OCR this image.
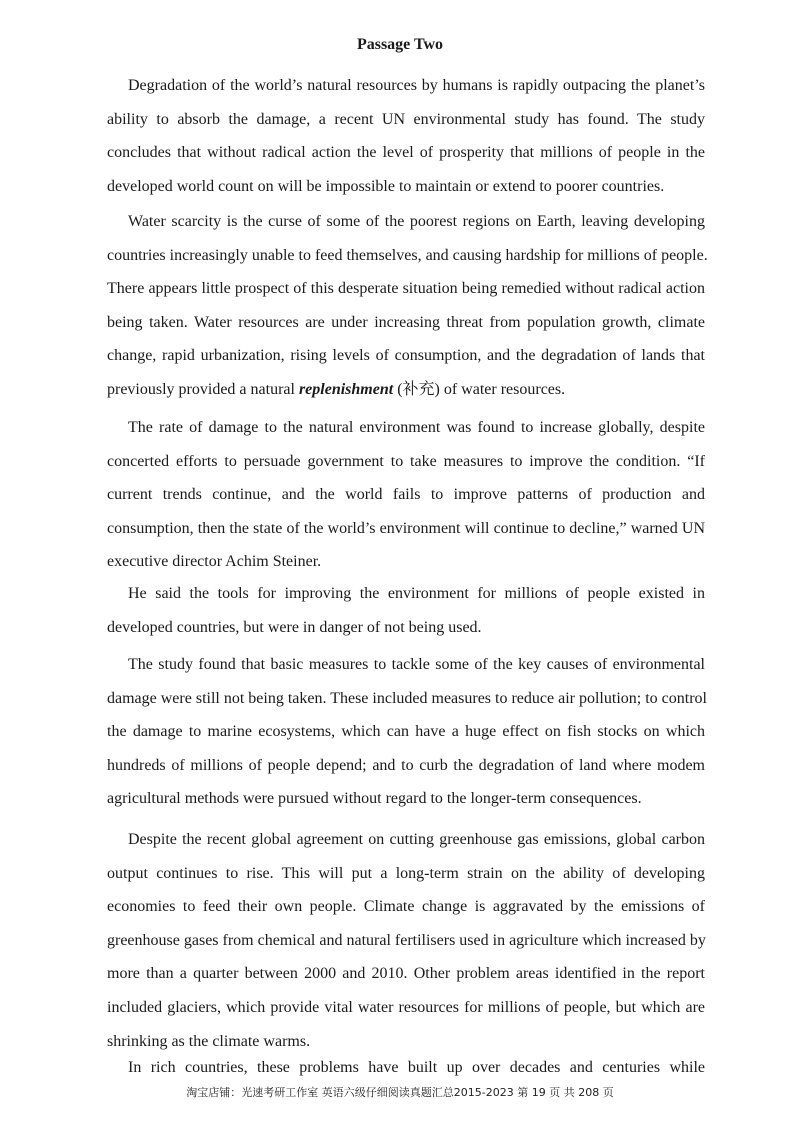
Passage Two
Degradation of the world’s natural resources by humans is rapidly outpacing the planet’s
ability to absorb the damage, a recent UN environmental study has found. The study
concludes that without radical action the level of prosperity that millions of people in the
developed world count on will be impossible to maintain or extend to poorer countries.
Water scarcity is the curse of some of the poorest regions on Earth, leaving developing
countries increasingly unable to feed themselves, and causing hardship for millions of people.
There appears little prospect of this desperate situation being remedied without radical action
being taken. Water resources are under increasing threat from population growth, climate
change, rapid urbanization, rising levels of consumption, and the degradation of lands that
previously provided a natural replenishment (补充) of water resources.
The rate of damage to the natural environment was found to increase globally, despite
concerted efforts to persuade government to take measures to improve the condition. “If
current trends continue, and the world fails to improve patterns of production and
consumption, then the state of the world’s environment will continue to decline,” warned UN
executive director Achim Steiner.
He said the tools for improving the environment for millions of people existed in
developed countries, but were in danger of not being used.
The study found that basic measures to tackle some of the key causes of environmental
damage were still not being taken. These included measures to reduce air pollution; to control
the damage to marine ecosystems, which can have a huge effect on fish stocks on which
hundreds of millions of people depend; and to curb the degradation of land where modem
agricultural methods were pursued without regard to the longer-term consequences.
Despite the recent global agreement on cutting greenhouse gas emissions, global carbon
output continues to rise. This will put a long-term strain on the ability of developing
economies to feed their own people. Climate change is aggravated by the emissions of
greenhouse gases from chemical and natural fertilisers used in agriculture which increased by
more than a quarter between 2000 and 2010. Other problem areas identified in the report
included glaciers, which provide vital water resources for millions of people, but which are
shrinking as the climate warms.
In rich countries, these problems have built up over decades and centuries while
淘宝店铺：光速考研工作室 英语六级仔细阅读真题汇总2015-2023 第 19 页 共 208 页
